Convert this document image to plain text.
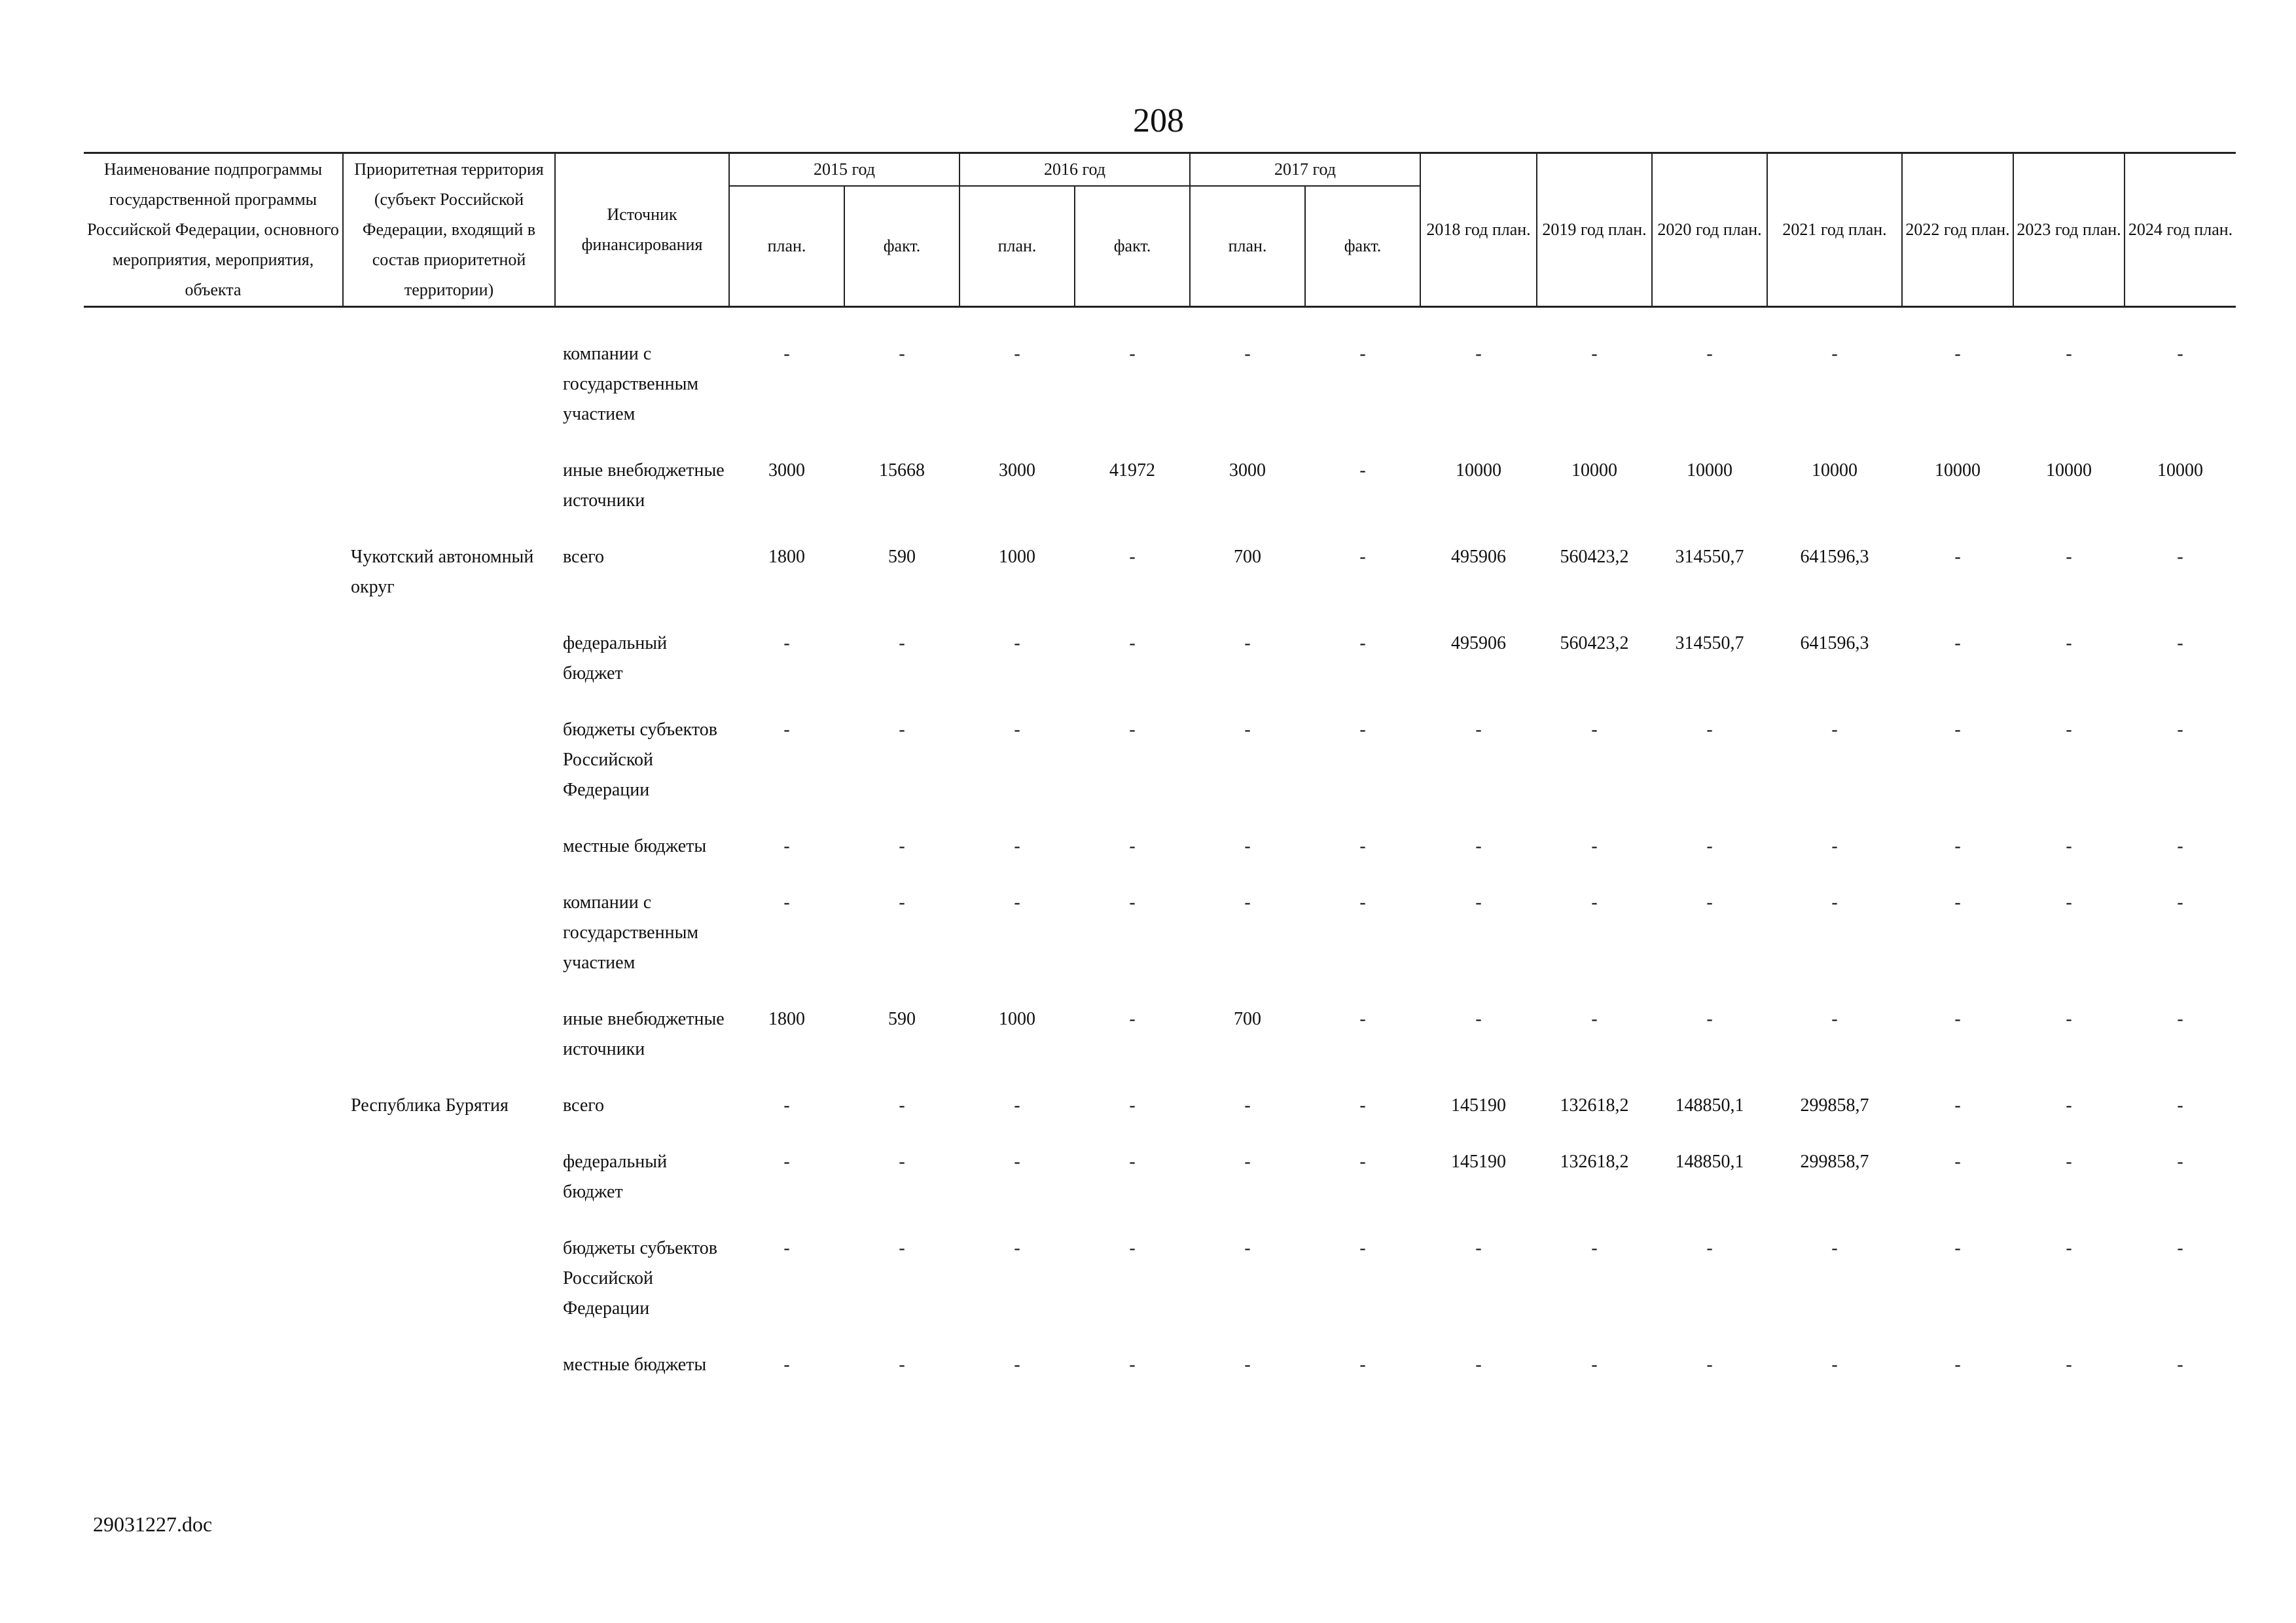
208
Наименование подпрограммы государственной программы Российской Федерации, основного мероприятия, мероприятия, объекта	Приоритетная территория (субъект Российской Федерации, входящий в состав приоритетной территории)	Источник финансирования	2015 год		2016 год		2017 год		2018 год план.	2019 год план.	2020 год план.	2021 год план.	2022 год план.	2023 год план.	2024 год план.
			план.	факт.	план.	факт.	план.	факт.							
		компании с государственным участием	-	-	-	-	-	-	-	-	-	-	-	-	-
		иные внебюджетные источники	3000	15668	3000	41972	3000	-	10000	10000	10000	10000	10000	10000	10000
	Чукотский автономный округ	всего	1800	590	1000	-	700	-	495906	560423,2	314550,7	641596,3	-	-	-
		федеральный бюджет	-	-	-	-	-	-	495906	560423,2	314550,7	641596,3	-	-	-
		бюджеты субъектов Российской Федерации	-	-	-	-	-	-	-	-	-	-	-	-	-
		местные бюджеты	-	-	-	-	-	-	-	-	-	-	-	-	-
		компании с государственным участием	-	-	-	-	-	-	-	-	-	-	-	-	-
		иные внебюджетные источники	1800	590	1000	-	700	-	-	-	-	-	-	-	-
	Республика Бурятия	всего	-	-	-	-	-	-	145190	132618,2	148850,1	299858,7	-	-	-
		федеральный бюджет	-	-	-	-	-	-	145190	132618,2	148850,1	299858,7	-	-	-
		бюджеты субъектов Российской Федерации	-	-	-	-	-	-	-	-	-	-	-	-	-
		местные бюджеты	-	-	-	-	-	-	-	-	-	-	-	-	-
29031227.doc
